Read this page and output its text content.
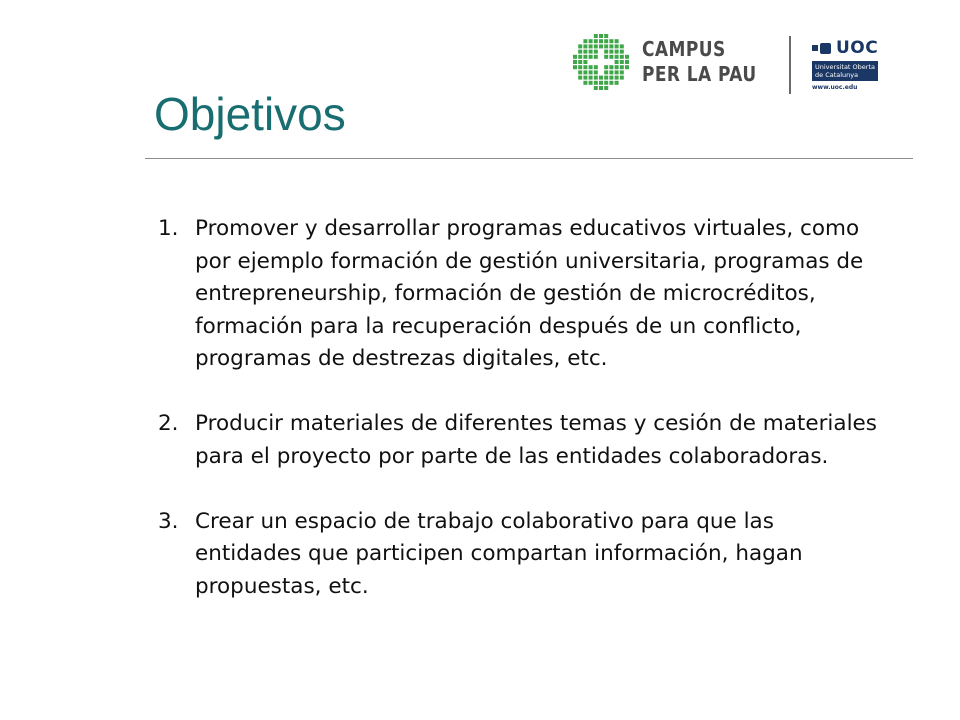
CAMPUS
PER LA PAU
UOC
Universitat Oberta
de Catalunya
www.uoc.edu
Objetivos
1. Promover y desarrollar programas educativos virtuales, como por ejemplo formación de gestión universitaria, programas de entrepreneurship, formación de gestión de microcréditos, formación para la recuperación después de un conflicto, programas de destrezas digitales, etc.
2. Producir materiales de diferentes temas y cesión de materiales para el proyecto por parte de las entidades colaboradoras.
3. Crear un espacio de trabajo colaborativo para que las entidades que participen compartan información, hagan propuestas, etc.
